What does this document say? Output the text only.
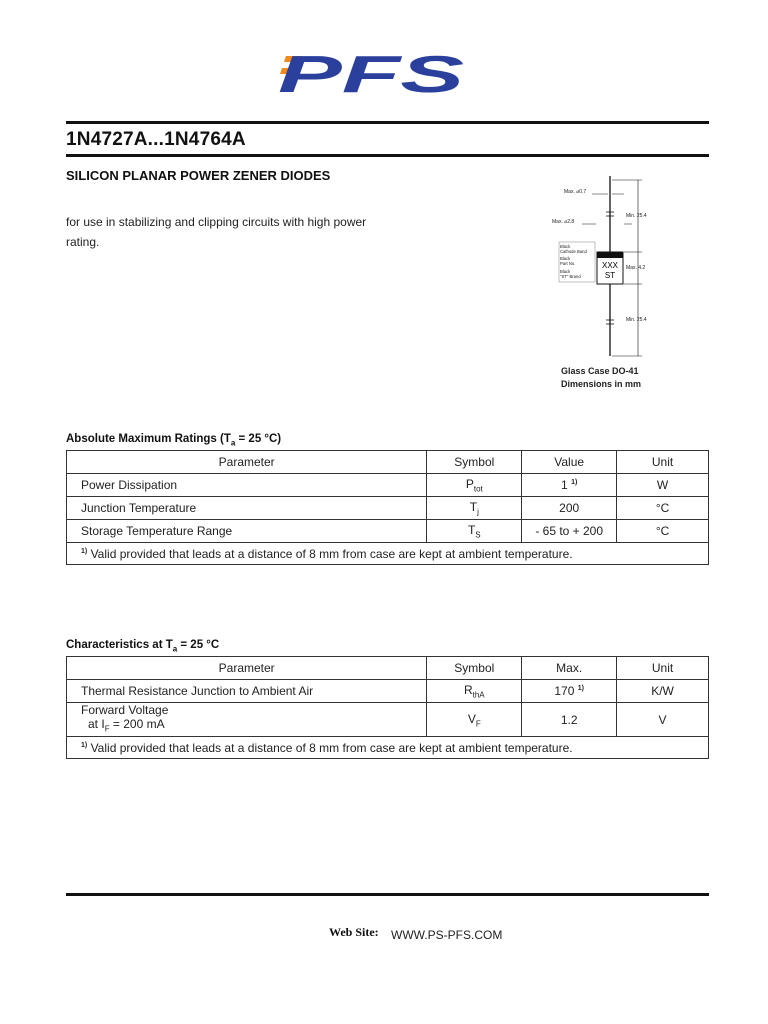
PFS
1N4727A...1N4764A
SILICON PLANAR POWER ZENER DIODES
for use in stabilizing and clipping circuits with high power rating.
XXX
ST
Max. ⌀0.7
Max. ⌀2.8
Min. 25.4
Max. 4.2
Min. 25.4
Black
Cathode Band
Black
Part No.
Black
"ST" Brand
Glass Case DO-41
Dimensions in mm
Absolute Maximum Ratings ($T_a = 25$ °C)
Parameter	Symbol	Value	Unit
Power Dissipation	$P_{tot}$	1 $^{1)}$	W
Junction Temperature	$T_j$	200	°C
Storage Temperature Range	$T_S$	- 65 to + 200	°C
$^{1)}$ Valid provided that leads at a distance of 8 mm from case are kept at ambient temperature.			
Characteristics at $T_a = 25$ °C
Parameter	Symbol	Max.	Unit
Thermal Resistance Junction to Ambient Air	$R_{thA}$	170 $^{1)}$	K/W

Forward Voltage
at $I_F = 200$ mA	$V_F$	1.2	V
$^{1)}$ Valid provided that leads at a distance of 8 mm from case are kept at ambient temperature.			
Web Site: WWW.PS-PFS.COM
